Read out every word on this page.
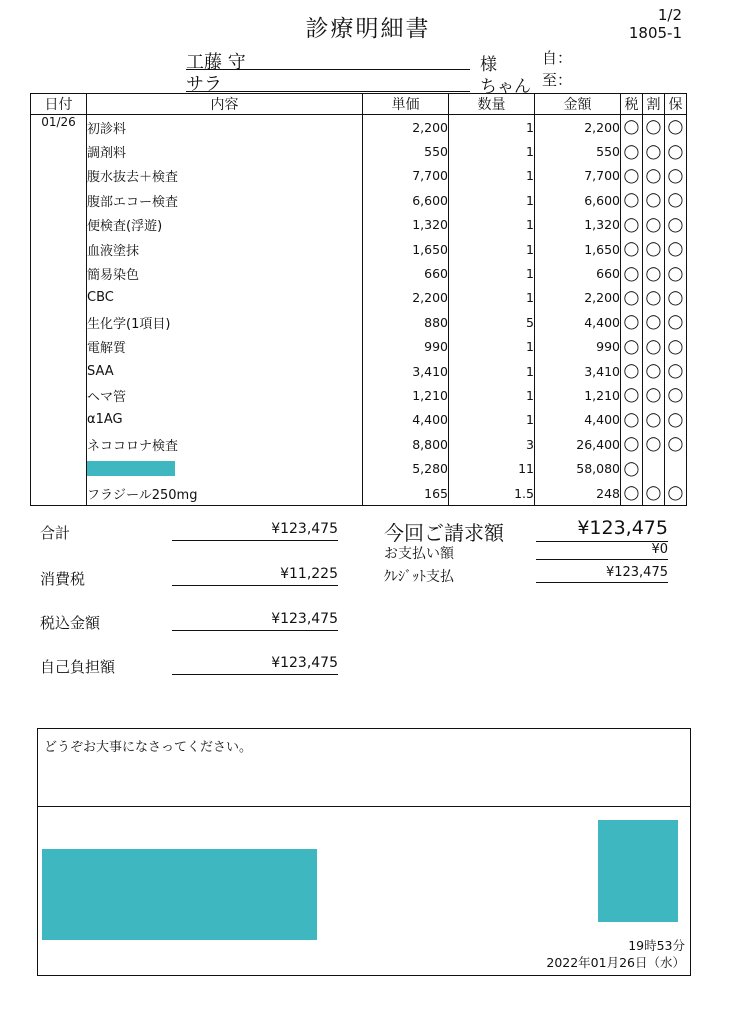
診療明細書
1/2
1805-1
工藤 守	様
サラ	ちゃん
自：
至：
日付	内容	単価	数量	金額	税	割	保
01/26	初診料	2,200	1	2,200	◯	◯	◯
	調剤料	550	1	550	◯	◯	◯
	腹水抜去＋検査	7,700	1	7,700	◯	◯	◯
	腹部エコー検査	6,600	1	6,600	◯	◯	◯
	便検査(浮遊)	1,320	1	1,320	◯	◯	◯
	血液塗抹	1,650	1	1,650	◯	◯	◯
	簡易染色	660	1	660	◯	◯	◯
	CBC	2,200	1	2,200	◯	◯	◯
	生化学(1項目)	880	5	4,400	◯	◯	◯
	電解質	990	1	990	◯	◯	◯
	SAA	3,410	1	3,410	◯	◯	◯
	ヘマ管	1,210	1	1,210	◯	◯	◯
	α1AG	4,400	1	4,400	◯	◯	◯
	ネココロナ検査	8,800	3	26,400	◯	◯	◯
		5,280	11	58,080	◯		
	フラジール250mg	165	1.5	248	◯	◯	◯
合計	¥123,475
消費税	¥11,225
税込金額	¥123,475
自己負担額	¥123,475
今回ご請求額	¥123,475
お支払い額	¥0
ｸﾚｼﾞｯﾄ支払	¥123,475
どうぞお大事になさってください。
19時53分
2022年01月26日（水）
